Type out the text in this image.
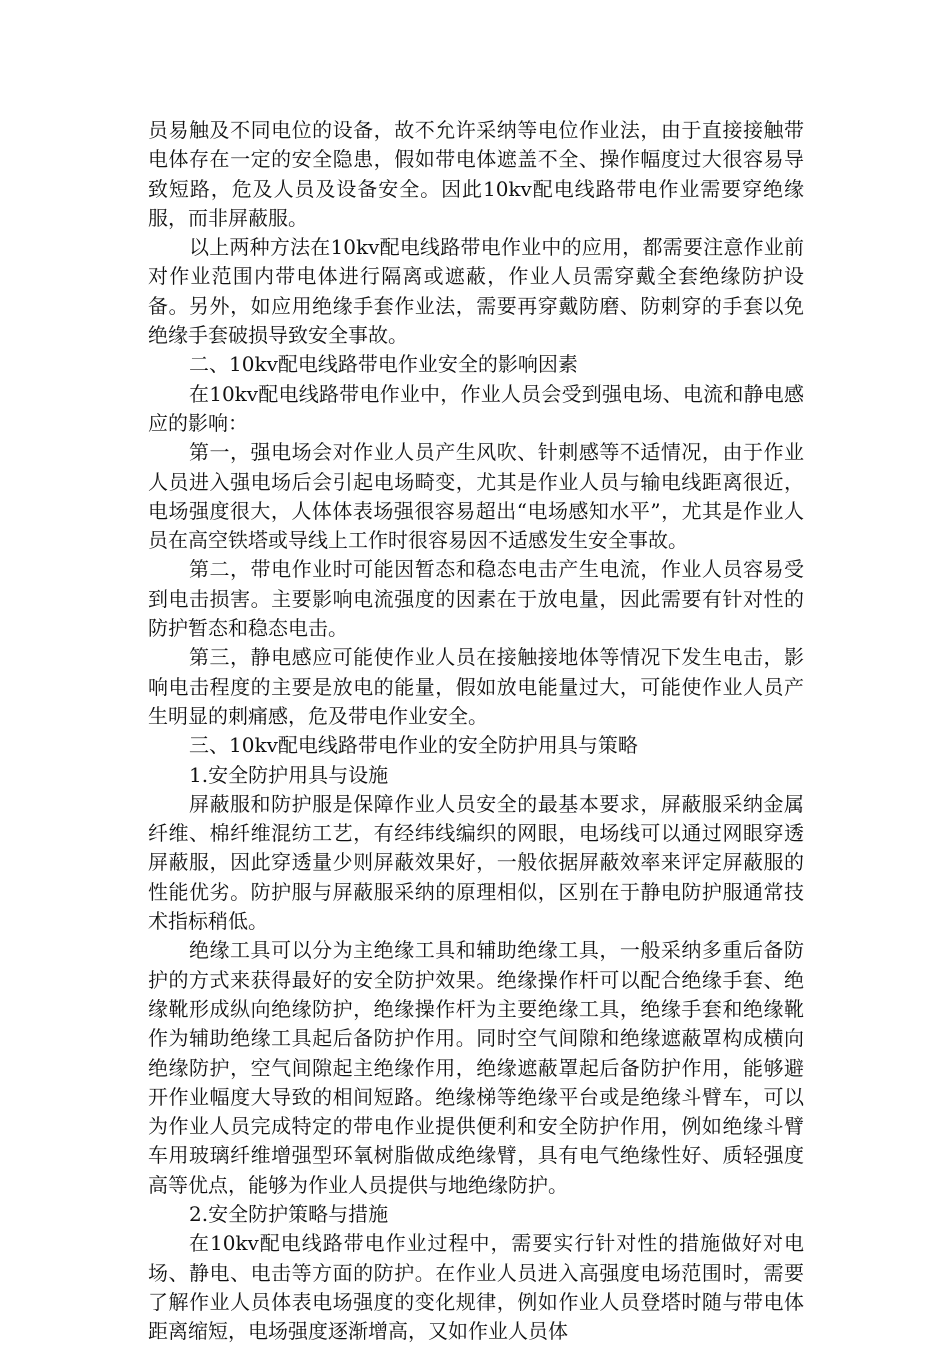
员易触及不同电位的设备，故不允许采纳等电位作业法，由于直接接触带电体存在一定的安全隐患，假如带电体遮盖不全、操作幅度过大很容易导致短路，危及人员及设备安全。因此10kv配电线路带电作业需要穿绝缘服，而非屏蔽服。

以上两种方法在10kv配电线路带电作业中的应用，都需要注意作业前对作业范围内带电体进行隔离或遮蔽，作业人员需穿戴全套绝缘防护设备。另外，如应用绝缘手套作业法，需要再穿戴防磨、防刺穿的手套以免绝缘手套破损导致安全事故。

二、10kv配电线路带电作业安全的影响因素

在10kv配电线路带电作业中，作业人员会受到强电场、电流和静电感应的影响：

第一，强电场会对作业人员产生风吹、针刺感等不适情况，由于作业人员进入强电场后会引起电场畸变，尤其是作业人员与输电线距离很近，电场强度很大，人体体表场强很容易超出“电场感知水平”，尤其是作业人员在高空铁塔或导线上工作时很容易因不适感发生安全事故。

第二，带电作业时可能因暂态和稳态电击产生电流，作业人员容易受到电击损害。主要影响电流强度的因素在于放电量，因此需要有针对性的防护暂态和稳态电击。

第三，静电感应可能使作业人员在接触接地体等情况下发生电击，影响电击程度的主要是放电的能量，假如放电能量过大，可能使作业人员产生明显的刺痛感，危及带电作业安全。

三、10kv配电线路带电作业的安全防护用具与策略

1.安全防护用具与设施

屏蔽服和防护服是保障作业人员安全的最基本要求，屏蔽服采纳金属纤维、棉纤维混纺工艺，有经纬线编织的网眼，电场线可以通过网眼穿透屏蔽服，因此穿透量少则屏蔽效果好，一般依据屏蔽效率来评定屏蔽服的性能优劣。防护服与屏蔽服采纳的原理相似，区别在于静电防护服通常技术指标稍低。

绝缘工具可以分为主绝缘工具和辅助绝缘工具，一般采纳多重后备防护的方式来获得最好的安全防护效果。绝缘操作杆可以配合绝缘手套、绝缘靴形成纵向绝缘防护，绝缘操作杆为主要绝缘工具，绝缘手套和绝缘靴作为辅助绝缘工具起后备防护作用。同时空气间隙和绝缘遮蔽罩构成横向绝缘防护，空气间隙起主绝缘作用，绝缘遮蔽罩起后备防护作用，能够避开作业幅度大导致的相间短路。绝缘梯等绝缘平台或是绝缘斗臂车，可以为作业人员完成特定的带电作业提供便利和安全防护作用，例如绝缘斗臂车用玻璃纤维增强型环氧树脂做成绝缘臂，具有电气绝缘性好、质轻强度高等优点，能够为作业人员提供与地绝缘防护。

2.安全防护策略与措施

在10kv配电线路带电作业过程中，需要实行针对性的措施做好对电场、静电、电击等方面的防护。在作业人员进入高强度电场范围时，需要了解作业人员体表电场强度的变化规律，例如作业人员登塔时随与带电体距离缩短，电场强度逐渐增高，又如作业人员体
